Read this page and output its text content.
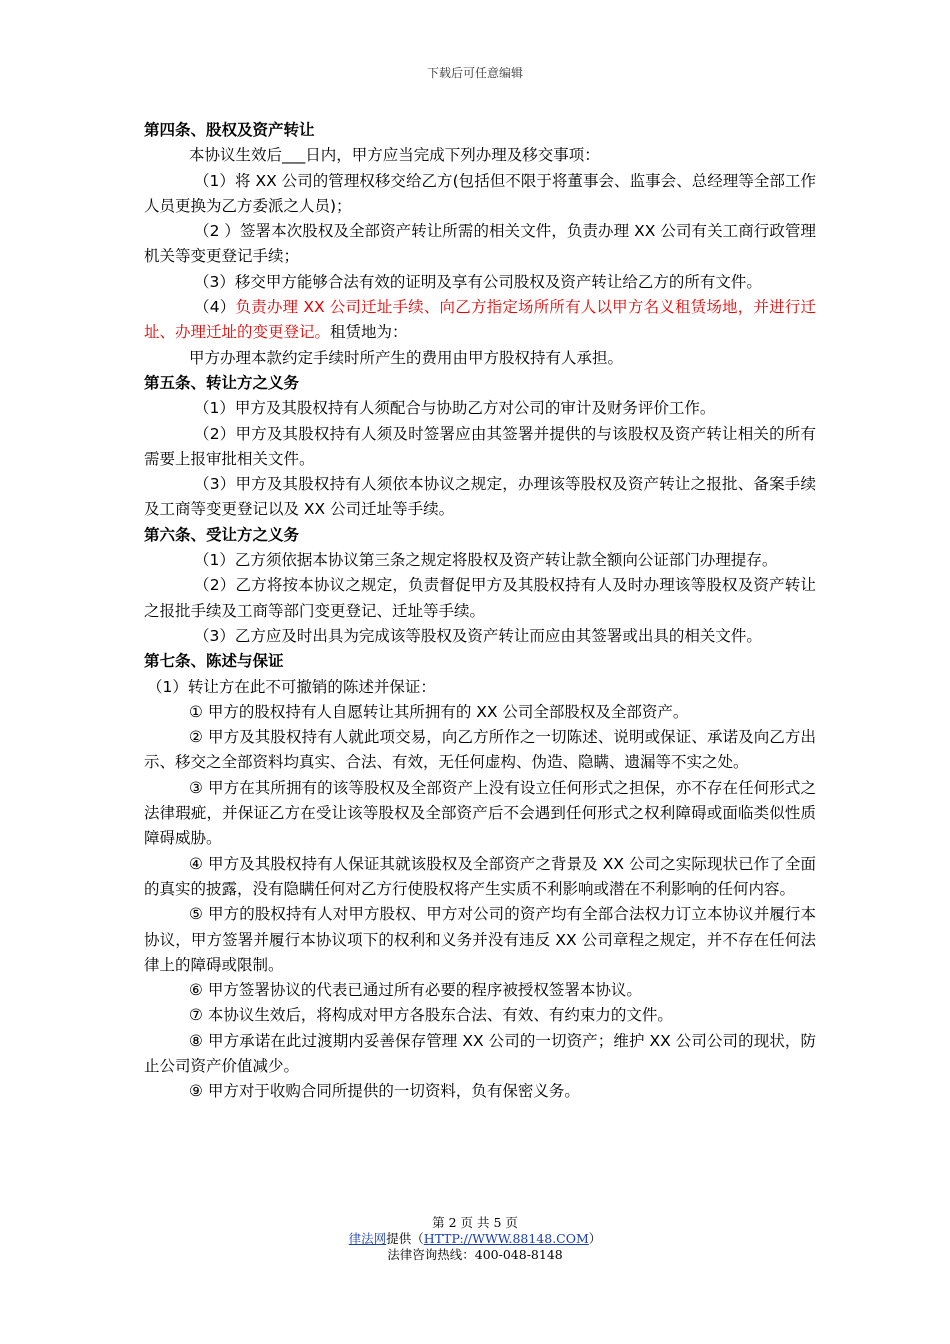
下载后可任意编辑

第四条、股权及资产转让

本协议生效后___日内，甲方应当完成下列办理及移交事项：

（1）将 XX 公司的管理权移交给乙方(包括但不限于将董事会、监事会、总经理等全部工作人员更换为乙方委派之人员)；

（2 ）签署本次股权及全部资产转让所需的相关文件，负责办理 XX 公司有关工商行政管理机关等变更登记手续；

（3）移交甲方能够合法有效的证明及享有公司股权及资产转让给乙方的所有文件。

（4）负责办理 XX 公司迁址手续、向乙方指定场所所有人以甲方名义租赁场地，并进行迁址、办理迁址的变更登记。租赁地为：

甲方办理本款约定手续时所产生的费用由甲方股权持有人承担。

第五条、转让方之义务

（1）甲方及其股权持有人须配合与协助乙方对公司的审计及财务评价工作。

（2）甲方及其股权持有人须及时签署应由其签署并提供的与该股权及资产转让相关的所有需要上报审批相关文件。

（3）甲方及其股权持有人须依本协议之规定，办理该等股权及资产转让之报批、备案手续及工商等变更登记以及 XX 公司迁址等手续。

第六条、受让方之义务

（1）乙方须依据本协议第三条之规定将股权及资产转让款全额向公证部门办理提存。

（2）乙方将按本协议之规定，负责督促甲方及其股权持有人及时办理该等股权及资产转让之报批手续及工商等部门变更登记、迁址等手续。

（3）乙方应及时出具为完成该等股权及资产转让而应由其签署或出具的相关文件。

第七条、陈述与保证

（1）转让方在此不可撤销的陈述并保证：

① 甲方的股权持有人自愿转让其所拥有的 XX 公司全部股权及全部资产。

② 甲方及其股权持有人就此项交易，向乙方所作之一切陈述、说明或保证、承诺及向乙方出示、移交之全部资料均真实、合法、有效，无任何虚构、伪造、隐瞒、遗漏等不实之处。

③ 甲方在其所拥有的该等股权及全部资产上没有设立任何形式之担保，亦不存在任何形式之法律瑕疵，并保证乙方在受让该等股权及全部资产后不会遇到任何形式之权利障碍或面临类似性质障碍威胁。

④ 甲方及其股权持有人保证其就该股权及全部资产之背景及 XX 公司之实际现状已作了全面的真实的披露，没有隐瞒任何对乙方行使股权将产生实质不利影响或潜在不利影响的任何内容。

⑤ 甲方的股权持有人对甲方股权、甲方对公司的资产均有全部合法权力订立本协议并履行本协议，甲方签署并履行本协议项下的权利和义务并没有违反 XX 公司章程之规定，并不存在任何法律上的障碍或限制。

⑥ 甲方签署协议的代表已通过所有必要的程序被授权签署本协议。

⑦ 本协议生效后，将构成对甲方各股东合法、有效、有约束力的文件。

⑧ 甲方承诺在此过渡期内妥善保存管理 XX 公司的一切资产；维护 XX 公司公司的现状，防止公司资产价值减少。

⑨ 甲方对于收购合同所提供的一切资料，负有保密义务。

第 2 页 共 5 页
律法网提供（HTTP://WWW.88148.COM）
法律咨询热线：400-048-8148
